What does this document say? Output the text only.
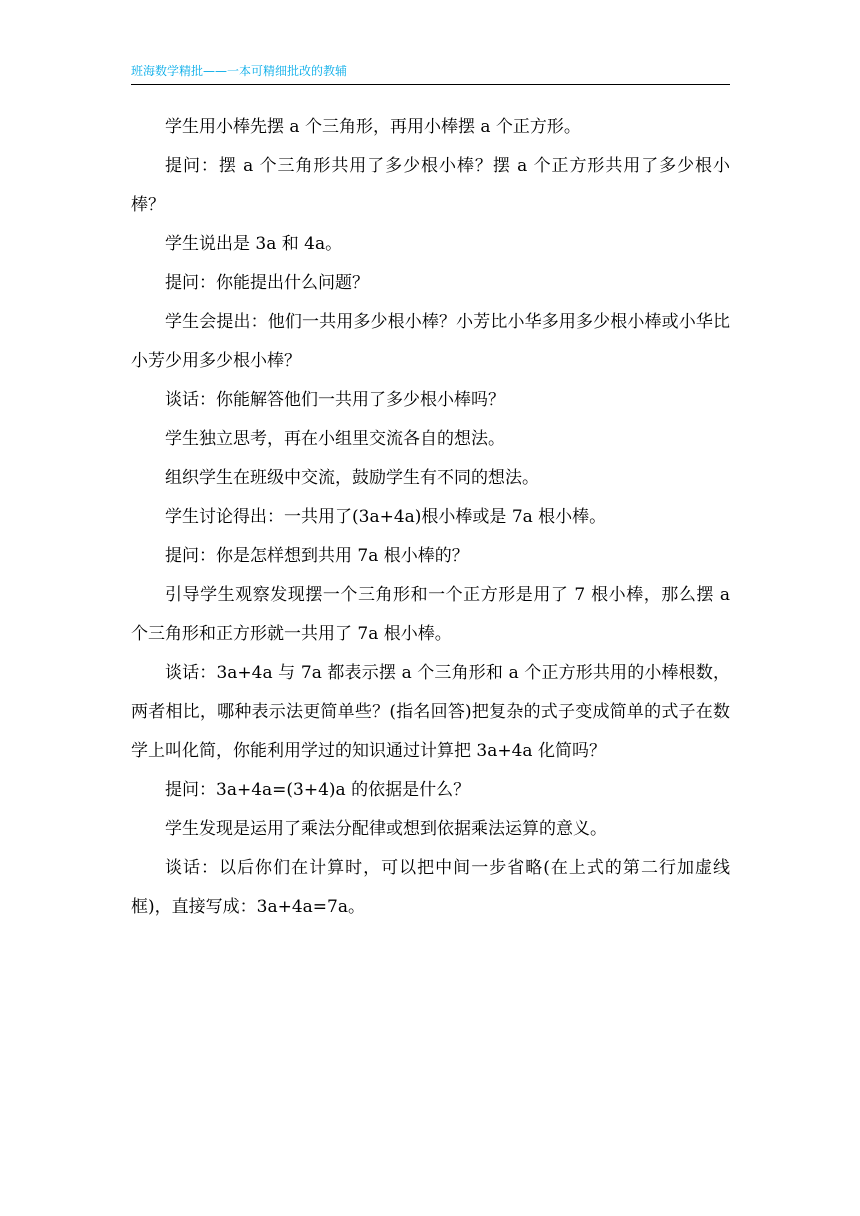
班海数学精批——一本可精细批改的教辅

学生用小棒先摆 a 个三角形，再用小棒摆 a 个正方形。

提问：摆 a 个三角形共用了多少根小棒？摆 a 个正方形共用了多少根小棒？

学生说出是 3a 和 4a。

提问：你能提出什么问题？

学生会提出：他们一共用多少根小棒？小芳比小华多用多少根小棒或小华比小芳少用多少根小棒？

谈话：你能解答他们一共用了多少根小棒吗？

学生独立思考，再在小组里交流各自的想法。

组织学生在班级中交流，鼓励学生有不同的想法。

学生讨论得出：一共用了(3a+4a)根小棒或是 7a 根小棒。

提问：你是怎样想到共用 7a 根小棒的？

引导学生观察发现摆一个三角形和一个正方形是用了 7 根小棒，那么摆 a 个三角形和正方形就一共用了 7a 根小棒。

谈话：3a+4a 与 7a 都表示摆 a 个三角形和 a 个正方形共用的小棒根数，两者相比，哪种表示法更简单些？(指名回答)把复杂的式子变成简单的式子在数学上叫化简，你能利用学过的知识通过计算把 3a+4a 化简吗？

提问：3a+4a=(3+4)a 的依据是什么？

学生发现是运用了乘法分配律或想到依据乘法运算的意义。

谈话：以后你们在计算时，可以把中间一步省略(在上式的第二行加虚线框)，直接写成：3a+4a=7a。
